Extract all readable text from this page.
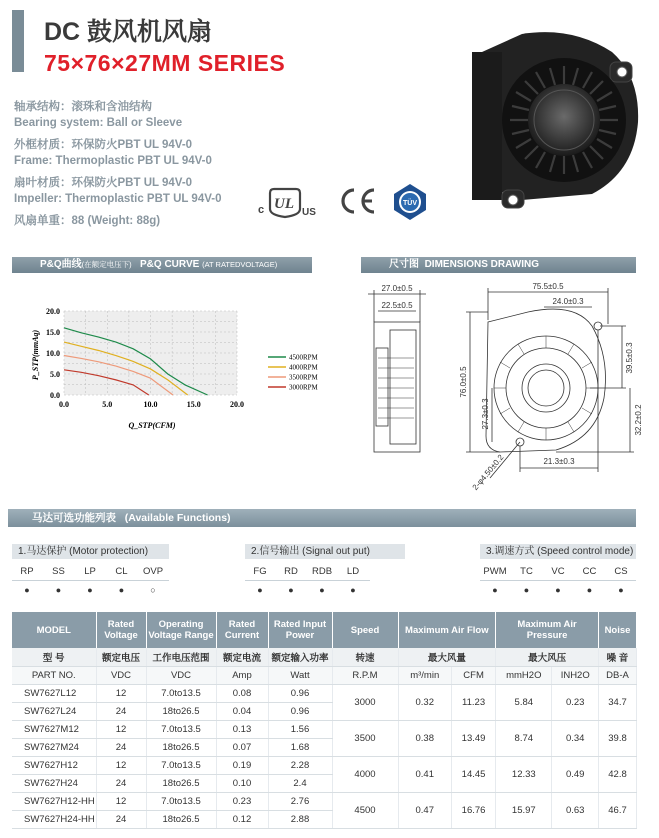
DC 鼓风机风扇
75×76×27MM SERIES
轴承结构：滚珠和含油结构
Bearing system: Ball or Sleeve
外框材质：环保防火PBT UL 94V-0
Frame: Thermoplastic PBT UL 94V-0
扇叶材质：环保防火PBT UL 94V-0
Impeller: Thermoplastic PBT UL 94V-0
风扇单重：88 (Weight: 88g)
c UL
US
TÜV
P&Q曲线(在额定电压下) P&Q CURVE (AT RATEDVOLTAGE)	尺寸图 DIMENSIONS DRAWING
0.0	5.0	10.0	15.0	20.0
0.0
5.0
10.0
15.0
20.0
4500RPM
4000RPM
3500RPM
3000RPM
Q_STP(CFM)
P_STP(mmAq)
27.0±0.5
22.5±0.5
75.5±0.5
24.0±0.3
76.0±0.5
39.5±0.3
27.3±0.3	32.2±0.2
21.3±0.3
2-φ4.50±0.2
马达可选功能列表 (Available Functions)
1.马达保护 (Motor protection)	2.信号输出 (Signal out put)	3.调速方式 (Speed control mode)
RP
●
SS
●
LP
●
CL
●
OVP
○
FG
●
RD
●
RDB
●
LD
●
PWM
●
TC
●
VC
●
CC
●
CS
●
MODEL	Rated Voltage	Operating Voltage Range	Rated Current	Rated Input Power	Speed	Maximum Air Flow		Maximum Air Pressure		Noise
型 号	额定电压	工作电压范围	额定电流	额定输入功率	转速	最大风量		最大风压		噪 音
PART NO.	VDC	VDC	Amp	Watt	R.P.M	m³/min	CFM	mmH2O	INH2O	DB-A
SW7627L12	12	7.0to13.5	0.08	0.96	3000	0.32	11.23	5.84	0.23	34.7
SW7627L24	24	18to26.5	0.04	0.96						
SW7627M12	12	7.0to13.5	0.13	1.56	3500	0.38	13.49	8.74	0.34	39.8
SW7627M24	24	18to26.5	0.07	1.68						
SW7627H12	12	7.0to13.5	0.19	2.28	4000	0.41	14.45	12.33	0.49	42.8
SW7627H24	24	18to26.5	0.10	2.4						
SW7627H12-HH	12	7.0to13.5	0.23	2.76	4500	0.47	16.76	15.97	0.63	46.7
SW7627H24-HH	24	18to26.5	0.12	2.88						
